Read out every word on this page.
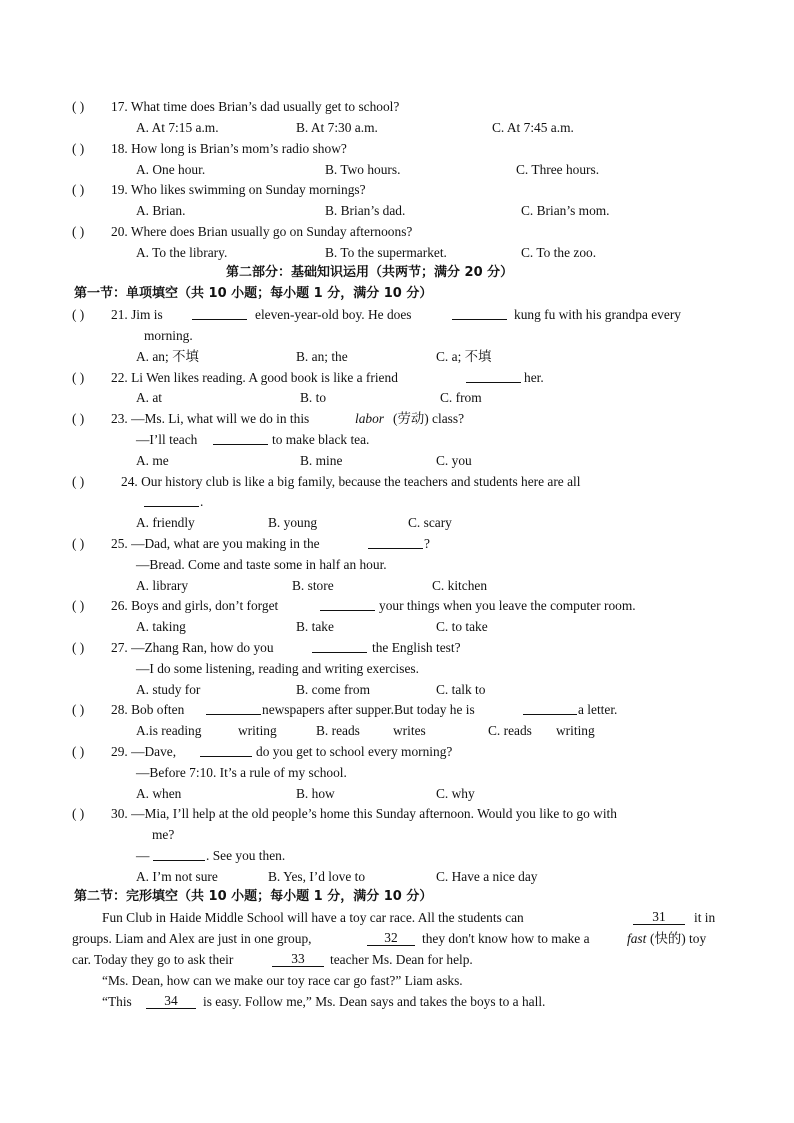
( ) 17. What time does Brian’s dad usually get to school?
A. At 7:15 a.m.	B. At 7:30 a.m.	C. At 7:45 a.m.
( ) 18. How long is Brian’s mom’s radio show?
A. One hour.	B. Two hours.	C. Three hours.
( ) 19. Who likes swimming on Sunday mornings?
A. Brian.	B. Brian’s dad.	C. Brian’s mom.
( ) 20. Where does Brian usually go on Sunday afternoons?
A. To the library.	B. To the supermarket.	C. To the zoo.
第二部分：基础知识运用（共两节；满分 20 分）
第一节：单项填空（共 10 小题；每小题 1 分，满分 10 分）
( ) 21. Jim is	eleven-year-old boy. He does	kung fu with his grandpa every
morning.
A. an; 不填	B. an; the	C. a; 不填
( ) 22. Li Wen likes reading. A good book is like a friend	her.
A. at	B. to	C. from
( ) 23. —Ms. Li, what will we do in this	labor (劳动) class?
—I’ll teach	to make black tea.
A. me	B. mine	C. you
( )	24. Our history club is like a big family, because the teachers and students here are all
.
A. friendly	B. young	C. scary
( ) 25. —Dad, what are you making in the	?
—Bread. Come and taste some in half an hour.
A. library	B. store	C. kitchen
( ) 26. Boys and girls, don’t forget	your things when you leave the computer room.
A. taking	B. take	C. to take
( ) 27. —Zhang Ran, how do you	the English test?
—I do some listening, reading and writing exercises.
A. study for	B. come from	C. talk to
( ) 28. Bob often	newspapers after supper.But today he is	a letter.
A.is reading	writing	B. reads writes	C. reads writing
( ) 29. —Dave,	do you get to school every morning?
—Before 7:10. It’s a rule of my school.
A. when	B. how	C. why
( ) 30. —Mia, I’ll help at the old people’s home this Sunday afternoon. Would you like to go with
me?
—	. See you then.
A. I’m not sure	B. Yes, I’d love to	C. Have a nice day
第二节：完形填空（共 10 小题；每小题 1 分，满分 10 分）
Fun Club in Haide Middle School will have a toy car race. All the students can	31	it in
groups. Liam and Alex are just in one group,	32	they don't know how to make a	fast (快的) toy
car. Today they go to ask their	33	teacher Ms. Dean for help.
“Ms. Dean, how can we make our toy race car go fast?” Liam asks.
“This	34	is easy. Follow me,” Ms. Dean says and takes the boys to a hall.
